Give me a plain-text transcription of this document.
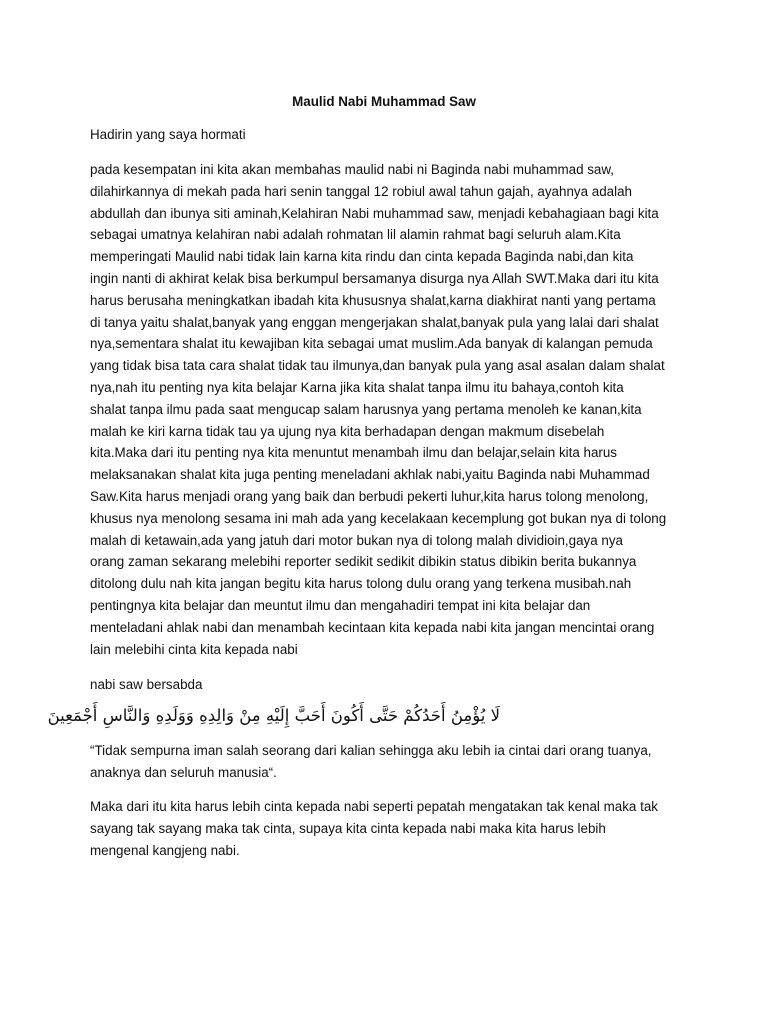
Maulid Nabi Muhammad Saw

Hadirin yang saya hormati

pada kesempatan ini kita akan membahas maulid nabi ni Baginda nabi muhammad saw,
dilahirkannya di mekah pada hari senin tanggal 12 robiul awal tahun gajah, ayahnya adalah
abdullah dan ibunya siti aminah,Kelahiran Nabi muhammad saw, menjadi kebahagiaan bagi kita
sebagai umatnya kelahiran nabi adalah rohmatan lil alamin rahmat bagi seluruh alam.Kita
memperingati Maulid nabi tidak lain karna kita rindu dan cinta kepada Baginda nabi,dan kita
ingin nanti di akhirat kelak bisa berkumpul bersamanya disurga nya Allah SWT.Maka dari itu kita
harus berusaha meningkatkan ibadah kita khususnya shalat,karna diakhirat nanti yang pertama
di tanya yaitu shalat,banyak yang enggan mengerjakan shalat,banyak pula yang lalai dari shalat
nya,sementara shalat itu kewajiban kita sebagai umat muslim.Ada banyak di kalangan pemuda
yang tidak bisa tata cara shalat tidak tau ilmunya,dan banyak pula yang asal asalan dalam shalat
nya,nah itu penting nya kita belajar Karna jika kita shalat tanpa ilmu itu bahaya,contoh kita
shalat tanpa ilmu pada saat mengucap salam harusnya yang pertama menoleh ke kanan,kita
malah ke kiri karna tidak tau ya ujung nya kita berhadapan dengan makmum disebelah
kita.Maka dari itu penting nya kita menuntut menambah ilmu dan belajar,selain kita harus
melaksanakan shalat kita juga penting meneladani akhlak nabi,yaitu Baginda nabi Muhammad
Saw.Kita harus menjadi orang yang baik dan berbudi pekerti luhur,kita harus tolong menolong,
khusus nya menolong sesama ini mah ada yang kecelakaan kecemplung got bukan nya di tolong
malah di ketawain,ada yang jatuh dari motor bukan nya di tolong malah dividioin,gaya nya
orang zaman sekarang melebihi reporter sedikit sedikit dibikin status dibikin berita bukannya
ditolong dulu nah kita jangan begitu kita harus tolong dulu orang yang terkena musibah.nah
pentingnya kita belajar dan meuntut ilmu dan mengahadiri tempat ini kita belajar dan
menteladani ahlak nabi dan menambah kecintaan kita kepada nabi kita jangan mencintai orang
lain melebihi cinta kita kepada nabi

nabi saw bersabda

لَا يُؤْمِنُ أَحَدُكُمْ حَتَّى أَكُونَ أَحَبَّ إِلَيْهِ مِنْ وَالِدِهِ وَوَلَدِهِ وَالنَّاسِ أَجْمَعِينَ

“Tidak sempurna iman salah seorang dari kalian sehingga aku lebih ia cintai dari orang tuanya,
anaknya dan seluruh manusia“.

Maka dari itu kita harus lebih cinta kepada nabi seperti pepatah mengatakan tak kenal maka tak
sayang tak sayang maka tak cinta, supaya kita cinta kepada nabi maka kita harus lebih
mengenal kangjeng nabi.
